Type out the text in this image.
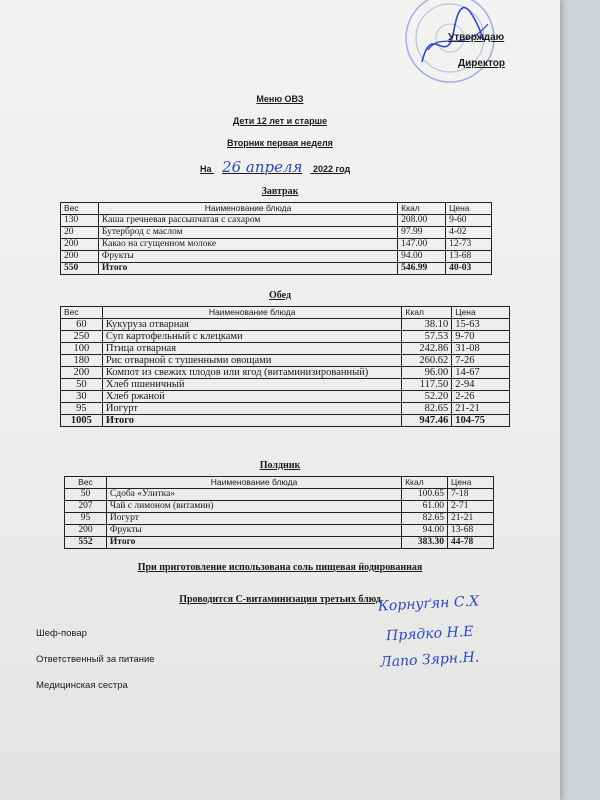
Утверждаю
Директор
Меню ОВЗ
Дети 12 лет и старше
Вторник первая неделя
На 26 апреля 2022 год
Завтрак
Вес	Наименование блюда	Ккал	Цена
130	Каша гречневая рассыпчатая с сахаром	208.00	9-60
20	Бутерброд с маслом	97.99	4-02
200	Какао на сгущенном молоке	147.00	12-73
200	Фрукты	94.00	13-68
550	Итого	546.99	40-03
Обед
Вес	Наименование блюда	Ккал	Цена
60	Кукуруза отварная	38.10	15-63
250	Суп картофельный с клецками	57.53	9-70
100	Птица отварная	242.86	31-08
180	Рис отварной с тушенными овощами	260.62	7-26
200	Компот из свежих плодов или ягод (витаминизированный)	96.00	14-67
50	Хлеб пшеничный	117.50	2-94
30	Хлеб ржаной	52.20	2-26
95	Йогурт	82.65	21-21
1005	Итого	947.46	104-75
Полдник
Вес	Наименование блюда	Ккал	Цена
50	Сдоба «Улитка»	100.65	7-18
207	Чай с лимоном (витамин)	61.00	2-71
95	Йогурт	82.65	21-21
200	Фрукты	94.00	13-68
552	Итого	383.30	44-78
При приготовление использована соль пищевая йодированная
Проводится С-витаминизация третьих блюд
Шеф-повар
Ответственный за питание
Медицинская сестра
Корнуґян С.Х
Прядко Н.Е
Лапо Зярн.Н.
